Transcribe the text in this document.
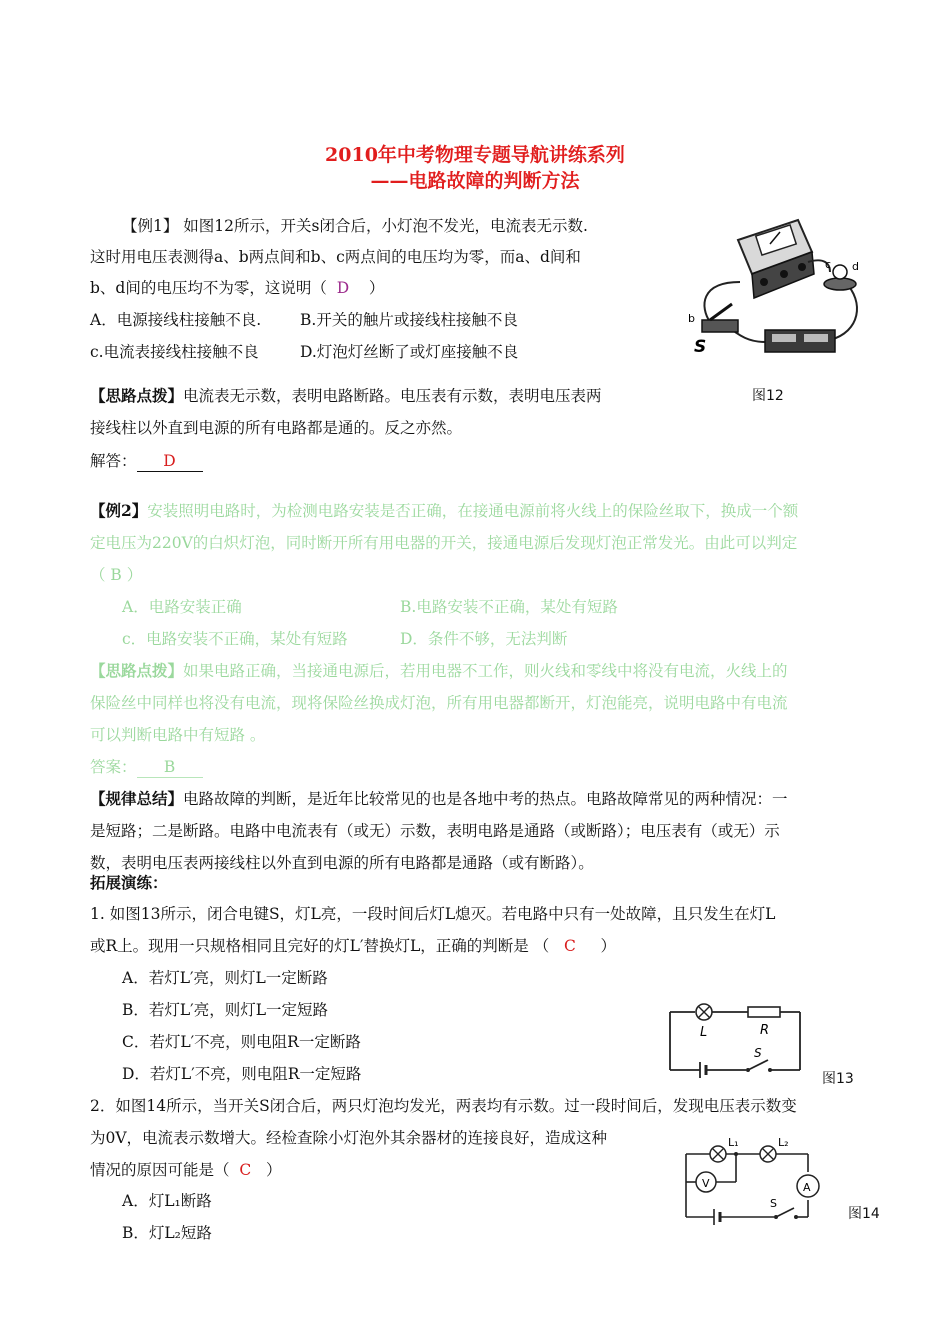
2010年中考物理专题导航讲练系列
——电路故障的判断方法
【例1】 如图12所示，开关s闭合后，小灯泡不发光，电流表无示数.
这时用电压表测得a、b两点间和b、c两点间的电压均为零，而a、d间和
b、d间的电压均不为零，这说明（ D ）
A．电源接线柱接触不良.	B.开关的触片或接线柱接触不良
c.电流表接线柱接触不良	D.灯泡灯丝断了或灯座接触不良
【思路点拨】电流表无示数，表明电路断路。电压表有示数，表明电压表两
接线柱以外直到电源的所有电路都是通的。反之亦然。
解答： D
c d
b
S
图12
【例2】安装照明电路时，为检测电路安装是否正确，在接通电源前将火线上的保险丝取下，换成一个额
定电压为220V的白炽灯泡，同时断开所有用电器的开关，接通电源后发现灯泡正常发光。由此可以判定
（ B ）
A．电路安装正确	B.电路安装不正确，某处有短路
c．电路安装不正确，某处有短路	D．条件不够，无法判断
【思路点拨】如果电路正确，当接通电源后，若用电器不工作，则火线和零线中将没有电流，火线上的
保险丝中同样也将没有电流，现将保险丝换成灯泡，所有用电器都断开，灯泡能亮，说明电路中有电流
可以判断电路中有短路 。
答案： B
【规律总结】电路故障的判断，是近年比较常见的也是各地中考的热点。电路故障常见的两种情况：一
是短路；二是断路。电路中电流表有（或无）示数，表明电路是通路（或断路）；电压表有（或无）示
数，表明电压表两接线柱以外直到电源的所有电路都是通路（或有断路）。
拓展演练：
1. 如图13所示，闭合电键S，灯L亮，一段时间后灯L熄灭。若电路中只有一处故障，且只发生在灯L
或R上。现用一只规格相同且完好的灯L′替换灯L，正确的判断是 （ C ）
A．若灯L′亮，则灯L一定断路
B．若灯L′亮，则灯L一定短路
C．若灯L′不亮，则电阻R一定断路
D．若灯L′不亮，则电阻R一定短路
L	R
S
图13
2．如图14所示，当开关S闭合后，两只灯泡均发光，两表均有示数。过一段时间后，发现电压表示数变
为0V，电流表示数增大。经检查除小灯泡外其余器材的连接良好，造成这种
情况的原因可能是（ C ）
A．灯L₁断路
B．灯L₂短路
L₁	L₂
V	A
S
图14
